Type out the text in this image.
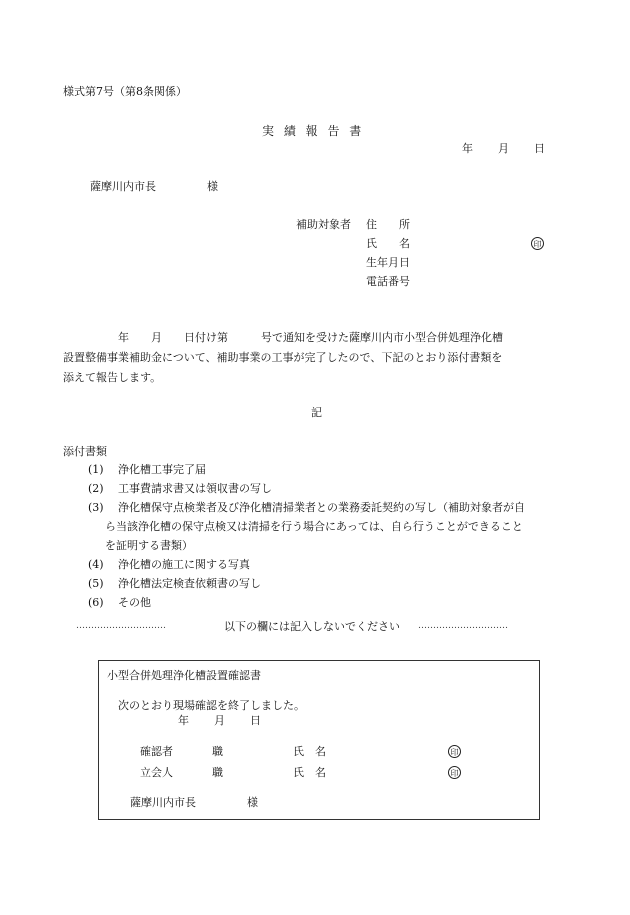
様式第7号（第8条関係）
実 績 報 告 書
年 月 日
薩摩川内市長	様
補助対象者 住　　所
氏　　名	印
生年月日
電話番号
　　　　　年　　月　　日付け第　　　号で通知を受けた薩摩川内市小型合併処理浄化槽
設置整備事業補助金について、補助事業の工事が完了したので、下記のとおり添付書類を
添えて報告します。
記
添付書類
(1) 浄化槽工事完了届
(2) 工事費請求書又は領収書の写し
(3) 浄化槽保守点検業者及び浄化槽清掃業者との業務委託契約の写し（補助対象者が自
ら当該浄化槽の保守点検又は清掃を行う場合にあっては、自ら行うことができること
を証明する書類）
(4) 浄化槽の施工に関する写真
(5) 浄化槽法定検査依頼書の写し
(6) その他
…………………………	以下の欄には記入しないでください …………………………
小型合併処理浄化槽設置確認書
次のとおり現場確認を終了しました。
年 月 日
確認者	職	氏　名	印
立会人	職	氏　名	印
薩摩川内市長	様
